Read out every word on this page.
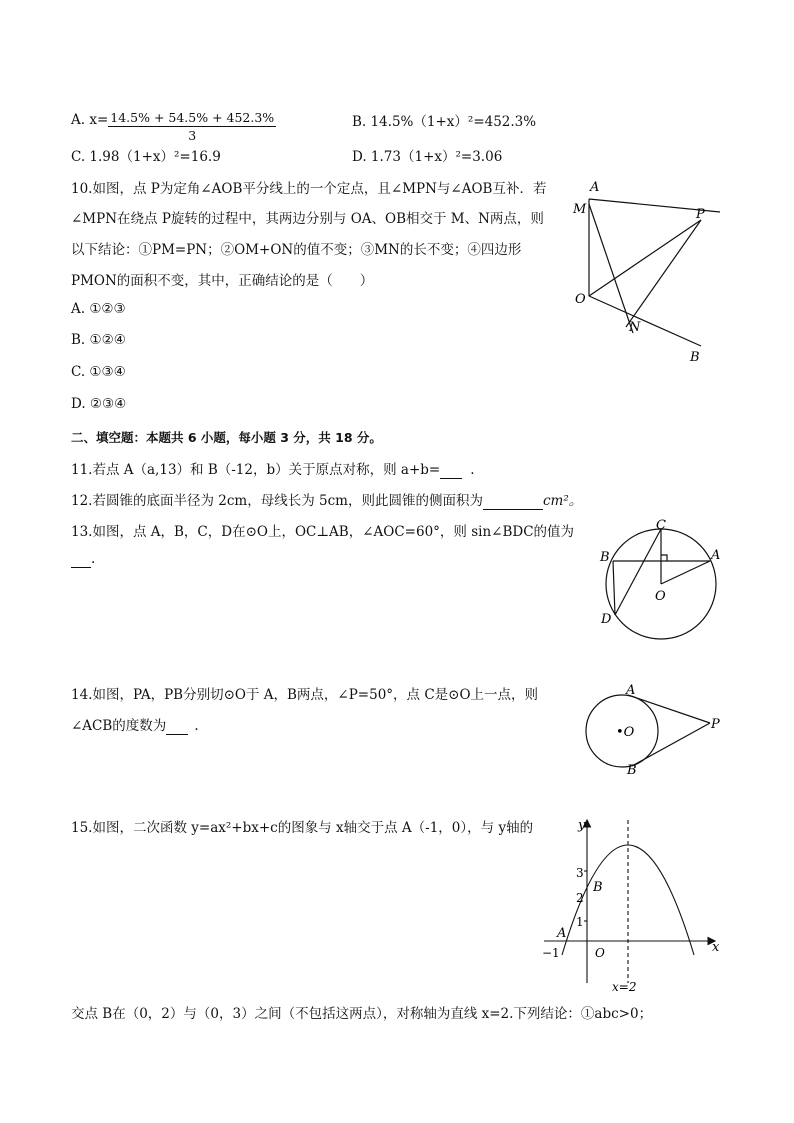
A. $x= \frac{14.5\% + 54.5\% + 452.3\%}{3}$	B. 14.5%（1+x）²=452.3%
C. 1.98（1+x）²=16.9	D. 1.73（1+x）²=3.06
10.如图，点 P为定角∠AOB平分线上的一个定点，且∠MPN与∠AOB互补．若
∠MPN在绕点 P旋转的过程中，其两边分别与 OA、OB相交于 M、N两点，则
以下结论：①PM=PN；②OM+ON的值不变；③MN的长不变；④四边形
PMON的面积不变，其中，正确结论的是（　　）
A. ①②③
B. ①②④
C. ①③④
D. ②③④
A
M	P
O
N
B
二、填空题：本题共 6 小题，每小题 3 分，共 18 分。
11.若点 A（a,13）和 B（-12，b）关于原点对称，则 a+b= .
12.若圆锥的底面半径为 2cm，母线长为 5cm，则此圆锥的侧面积为	cm²。
13.如图，点 A，B，C，D在⊙O上，OC⊥AB，∠AOC=60°，则 sin∠BDC的值为
.
C
B	A
O
D
14.如图，PA，PB分别切⊙O于 A，B两点，∠P=50°，点 C是⊙O上一点，则
∠ACB的度数为 .
A
•O
P
B
15.如图，二次函数 y=ax²+bx+c的图象与 x轴交于点 A（-1，0），与 y轴的	y
x
3
2
1
−1	O
A
B
x=2
交点 B在（0，2）与（0，3）之间（不包括这两点），对称轴为直线 x=2.下列结论：①abc>0；
